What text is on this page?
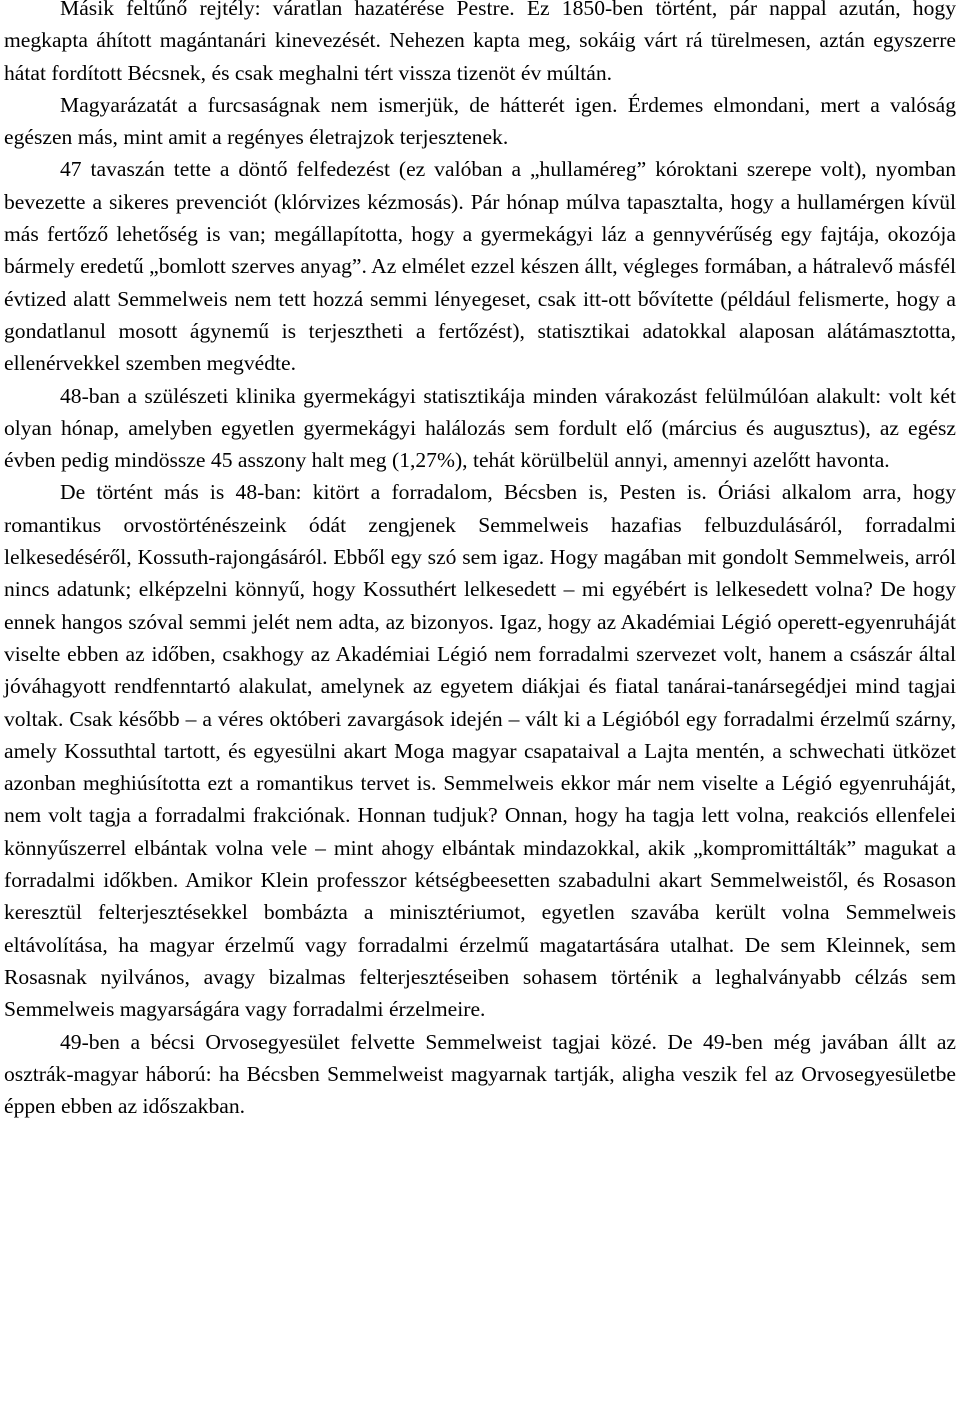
Másik feltűnő rejtély: váratlan hazatérése Pestre. Ez 1850-ben történt, pár nappal azután, hogy megkapta áhított magántanári kinevezését. Nehezen kapta meg, sokáig várt rá türelmesen, aztán egyszerre hátat fordított Bécsnek, és csak meghalni tért vissza tizenöt év múltán.

Magyarázatát a furcsaságnak nem ismerjük, de hátterét igen. Érdemes elmondani, mert a valóság egészen más, mint amit a regényes életrajzok terjesztenek.

47 tavaszán tette a döntő felfedezést (ez valóban a „hullaméreg” kóroktani szerepe volt), nyomban bevezette a sikeres prevenciót (klórvizes kézmosás). Pár hónap múlva tapasztalta, hogy a hullamérgen kívül más fertőző lehetőség is van; megállapította, hogy a gyermekágyi láz a gennyvérűség egy fajtája, okozója bármely eredetű „bomlott szerves anyag”. Az elmélet ezzel készen állt, végleges formában, a hátralevő másfél évtized alatt Semmelweis nem tett hozzá semmi lényegeset, csak itt-ott bővítette (például felismerte, hogy a gondatlanul mosott ágynemű is terjesztheti a fertőzést), statisztikai adatokkal alaposan alátámasztotta, ellenérvekkel szemben megvédte.

48-ban a szülészeti klinika gyermekágyi statisztikája minden várakozást felülmúlóan alakult: volt két olyan hónap, amelyben egyetlen gyermekágyi halálozás sem fordult elő (március és augusztus), az egész évben pedig mindössze 45 asszony halt meg (1,27%), tehát körülbelül annyi, amennyi azelőtt havonta.

De történt más is 48-ban: kitört a forradalom, Bécsben is, Pesten is. Óriási alkalom arra, hogy romantikus orvostörténészeink ódát zengjenek Semmelweis hazafias felbuzdulásáról, forradalmi lelkesedéséről, Kossuth-rajongásáról. Ebből egy szó sem igaz. Hogy magában mit gondolt Semmelweis, arról nincs adatunk; elképzelni könnyű, hogy Kossuthért lelkesedett – mi egyébért is lelkesedett volna? De hogy ennek hangos szóval semmi jelét nem adta, az bizonyos. Igaz, hogy az Akadémiai Légió operett-egyenruháját viselte ebben az időben, csakhogy az Akadémiai Légió nem forradalmi szervezet volt, hanem a császár által jóváhagyott rendfenntartó alakulat, amelynek az egyetem diákjai és fiatal tanárai-tanársegédjei mind tagjai voltak. Csak később – a véres októberi zavargások idején – vált ki a Légióból egy forradalmi érzelmű szárny, amely Kossuthtal tartott, és egyesülni akart Moga magyar csapataival a Lajta mentén, a schwechati ütközet azonban meghiúsította ezt a romantikus tervet is. Semmelweis ekkor már nem viselte a Légió egyenruháját, nem volt tagja a forradalmi frakciónak. Honnan tudjuk? Onnan, hogy ha tagja lett volna, reakciós ellenfelei könnyűszerrel elbántak volna vele – mint ahogy elbántak mindazokkal, akik „kompromittálták” magukat a forradalmi időkben. Amikor Klein professzor kétségbeesetten szabadulni akart Semmelweistől, és Rosason keresztül felterjesztésekkel bombázta a minisztériumot, egyetlen szavába került volna Semmelweis eltávolítása, ha magyar érzelmű vagy forradalmi érzelmű magatartására utalhat. De sem Kleinnek, sem Rosasnak nyilvános, avagy bizalmas felterjesztéseiben sohasem történik a leghalványabb célzás sem Semmelweis magyarságára vagy forradalmi érzelmeire.

49-ben a bécsi Orvosegyesület felvette Semmelweist tagjai közé. De 49-ben még javában állt az osztrák-magyar háború: ha Bécsben Semmelweist magyarnak tartják, aligha veszik fel az Orvosegyesületbe éppen ebben az időszakban.
